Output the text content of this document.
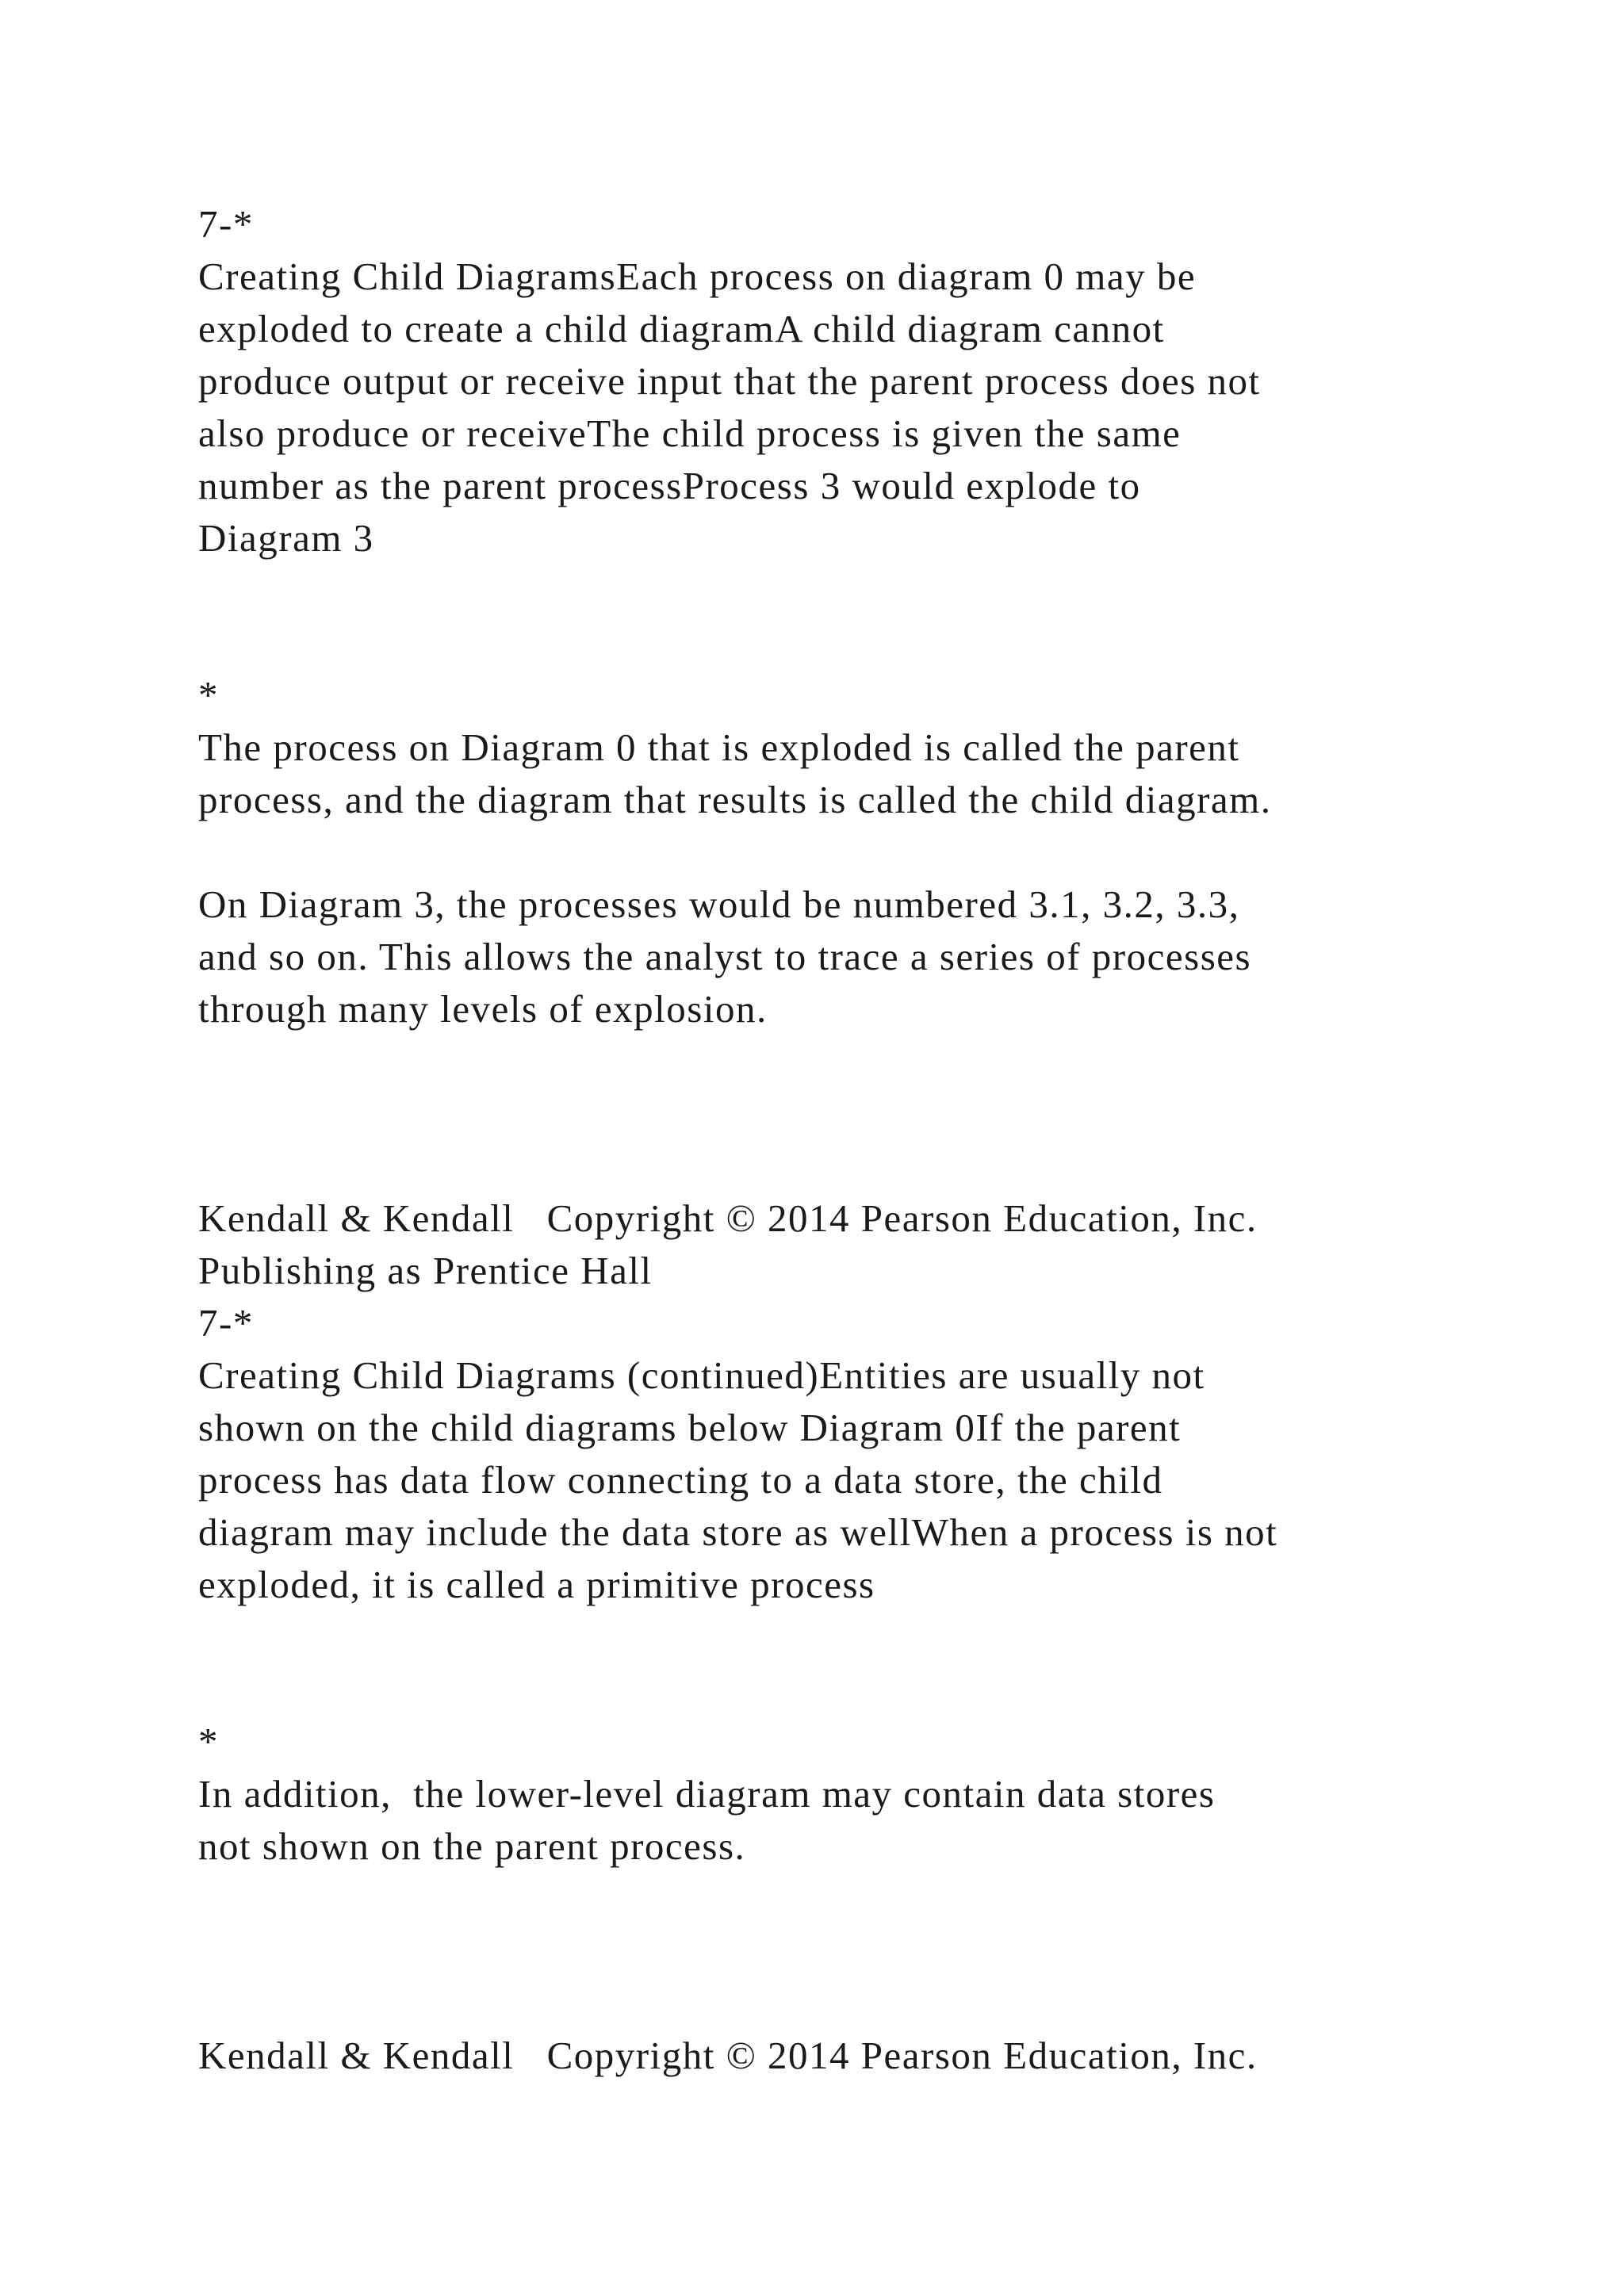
7-*
Creating Child DiagramsEach process on diagram 0 may be
exploded to create a child diagramA child diagram cannot
produce output or receive input that the parent process does not
also produce or receiveThe child process is given the same
number as the parent processProcess 3 would explode to
Diagram 3
*
The process on Diagram 0 that is exploded is called the parent
process, and the diagram that results is called the child diagram.
On Diagram 3, the processes would be numbered 3.1, 3.2, 3.3,
and so on. This allows the analyst to trace a series of processes
through many levels of explosion.
Kendall & Kendall   Copyright © 2014 Pearson Education, Inc.
Publishing as Prentice Hall
7-*
Creating Child Diagrams (continued)Entities are usually not
shown on the child diagrams below Diagram 0If the parent
process has data flow connecting to a data store, the child
diagram may include the data store as wellWhen a process is not
exploded, it is called a primitive process
*
In addition,  the lower-level diagram may contain data stores
not shown on the parent process.
Kendall & Kendall   Copyright © 2014 Pearson Education, Inc.
